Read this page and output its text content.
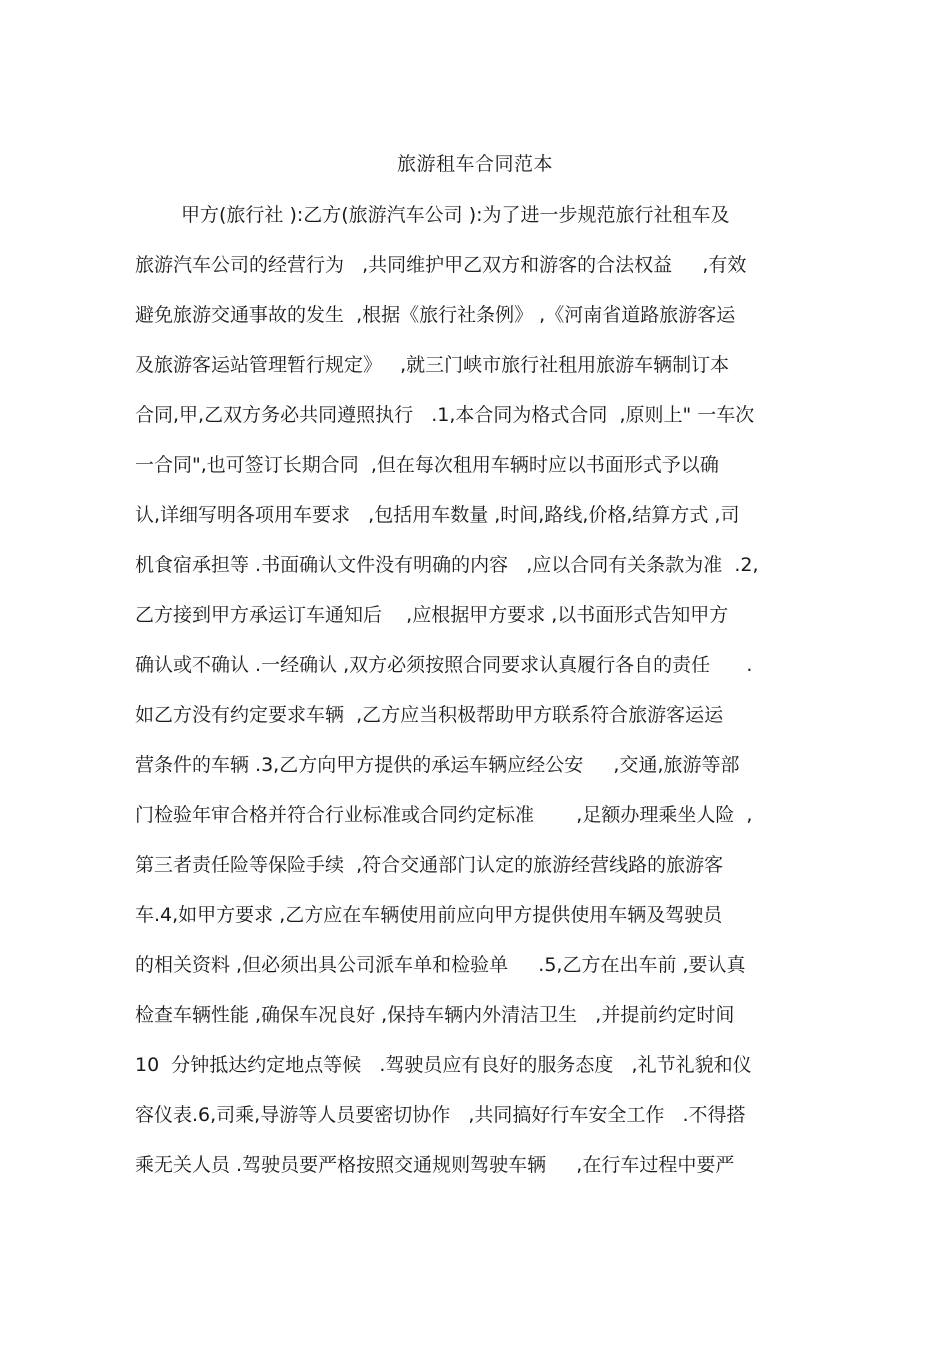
旅游租车合同范本
甲方(旅行社 ):乙方(旅游汽车公司 ):为了进一步规范旅行社租车及
旅游汽车公司的经营行为   ,共同维护甲乙双方和游客的合法权益     ,有效
避免旅游交通事故的发生  ,根据《旅行社条例》 ,《河南省道路旅游客运
及旅游客运站管理暂行规定》   ,就三门峡市旅行社租用旅游车辆制订本
合同,甲,乙双方务必共同遵照执行   .1,本合同为格式合同  ,原则上" 一车次
一合同",也可签订长期合同  ,但在每次租用车辆时应以书面形式予以确
认,详细写明各项用车要求   ,包括用车数量 ,时间,路线,价格,结算方式 ,司
机食宿承担等 .书面确认文件没有明确的内容   ,应以合同有关条款为准  .2,
乙方接到甲方承运订车通知后    ,应根据甲方要求 ,以书面形式告知甲方
确认或不确认 .一经确认 ,双方必须按照合同要求认真履行各自的责任      .
如乙方没有约定要求车辆  ,乙方应当积极帮助甲方联系符合旅游客运运
营条件的车辆 .3,乙方向甲方提供的承运车辆应经公安     ,交通,旅游等部
门检验年审合格并符合行业标准或合同约定标准       ,足额办理乘坐人险  ,
第三者责任险等保险手续  ,符合交通部门认定的旅游经营线路的旅游客
车.4,如甲方要求 ,乙方应在车辆使用前应向甲方提供使用车辆及驾驶员
的相关资料 ,但必须出具公司派车单和检验单     .5,乙方在出车前 ,要认真
检查车辆性能 ,确保车况良好 ,保持车辆内外清洁卫生   ,并提前约定时间
10  分钟抵达约定地点等候   .驾驶员应有良好的服务态度   ,礼节礼貌和仪
容仪表.6,司乘,导游等人员要密切协作   ,共同搞好行车安全工作   .不得搭
乘无关人员 .驾驶员要严格按照交通规则驾驶车辆     ,在行车过程中要严
